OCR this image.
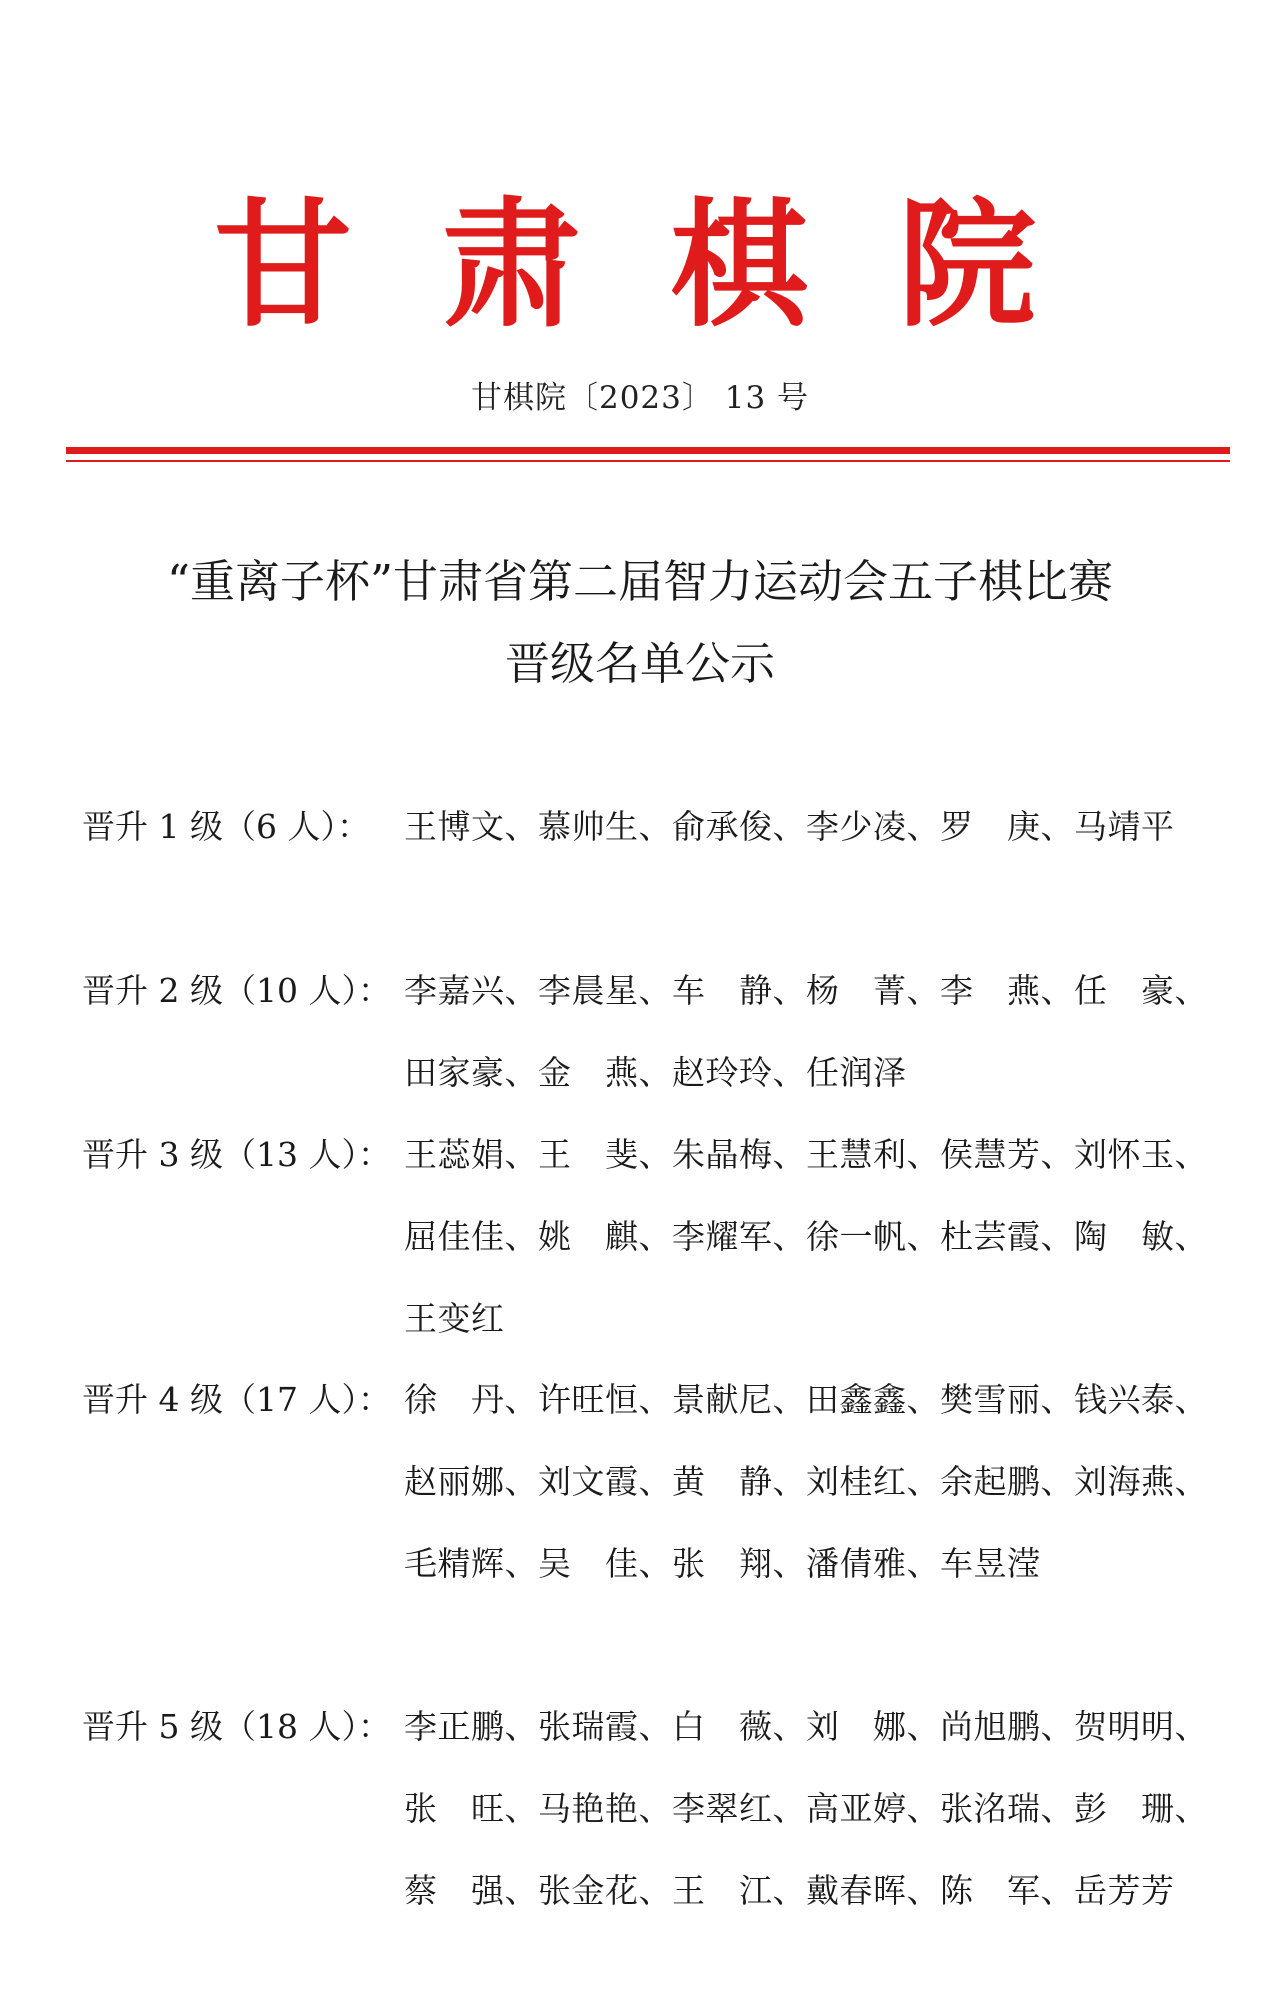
甘肃棋院
甘棋院〔2023〕 13 号
“重离子杯”甘肃省第二届智力运动会五子棋比赛
晋级名单公示
晋升 1 级（6 人）： 王博文、慕帅生、俞承俊、李少凌、罗　庚、马靖平
晋升 2 级（10 人）： 李嘉兴、李晨星、车　静、杨　菁、李　燕、任　豪、田家豪、金　燕、赵玲玲、任润泽
晋升 3 级（13 人）： 王蕊娟、王　斐、朱晶梅、王慧利、侯慧芳、刘怀玉、屈佳佳、姚　麒、李耀军、徐一帆、杜芸霞、陶　敏、王变红
晋升 4 级（17 人）： 徐　丹、许旺恒、景献尼、田鑫鑫、樊雪丽、钱兴泰、赵丽娜、刘文霞、黄　静、刘桂红、余起鹏、刘海燕、毛精辉、吴　佳、张　翔、潘倩雅、车昱滢
晋升 5 级（18 人）： 李正鹏、张瑞霞、白　薇、刘　娜、尚旭鹏、贺明明、张　旺、马艳艳、李翠红、高亚婷、张洺瑞、彭　珊、蔡　强、张金花、王　江、戴春晖、陈　军、岳芳芳
